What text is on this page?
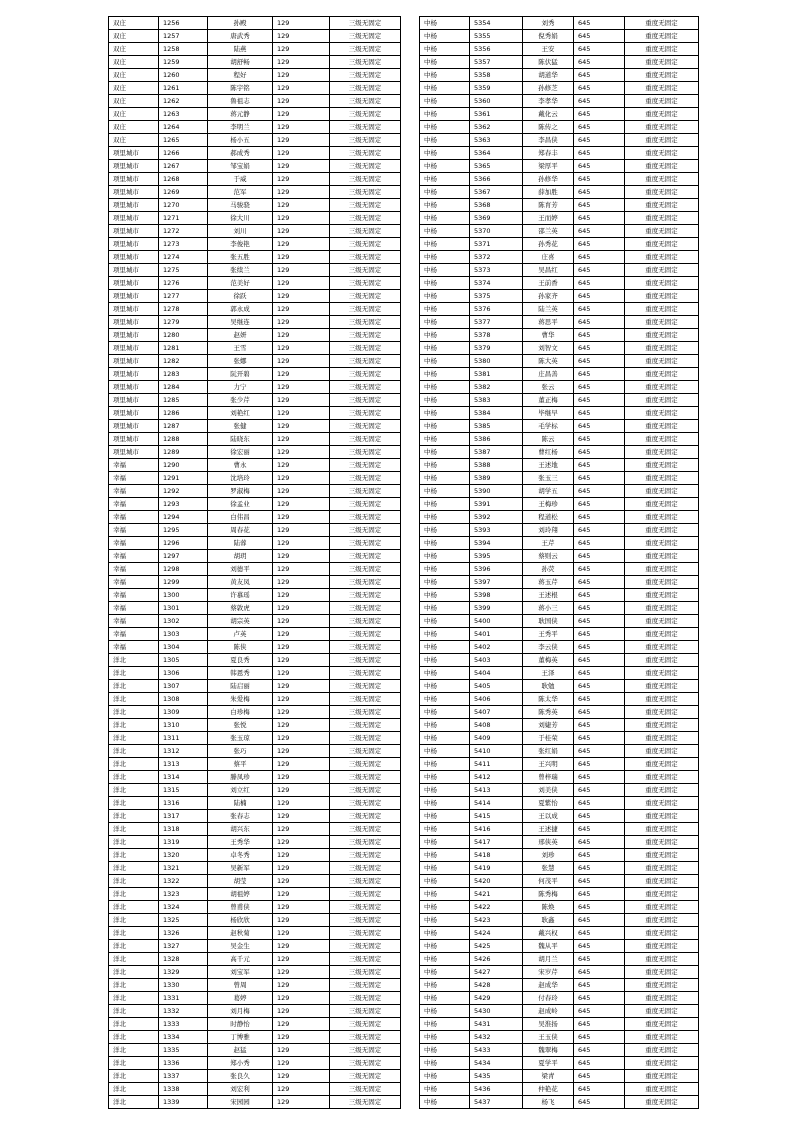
双庄	1256	孙殿	129	三级无固定
双庄	1257	唐武秀	129	三级无固定
双庄	1258	陆燕	129	三级无固定
双庄	1259	胡舒畅	129	三级无固定
双庄	1260	程好	129	三级无固定
双庄	1261	陈宇铭	129	三级无固定
双庄	1262	鲁祖志	129	三级无固定
双庄	1263	蒋元静	129	三级无固定
双庄	1264	李明兰	129	三级无固定
双庄	1265	杨小五	129	三级无固定
项里城市	1266	郝成秀	129	三级无固定
项里城市	1267	邹宝娟	129	三级无固定
项里城市	1268	于威	129	三级无固定
项里城市	1269	范军	129	三级无固定
项里城市	1270	马骏骁	129	三级无固定
项里城市	1271	徐大川	129	三级无固定
项里城市	1272	刘川	129	三级无固定
项里城市	1273	李俊艳	129	三级无固定
项里城市	1274	张五胜	129	三级无固定
项里城市	1275	张续兰	129	三级无固定
项里城市	1276	范美好	129	三级无固定
项里城市	1277	徐跃	129	三级无固定
项里城市	1278	郭永成	129	三级无固定
项里城市	1279	吴继连	129	三级无固定
项里城市	1280	赵妍	129	三级无固定
项里城市	1281	王雪	129	三级无固定
项里城市	1282	张娜	129	三级无固定
项里城市	1283	阮开碧	129	三级无固定
项里城市	1284	力宁	129	三级无固定
项里城市	1285	张少芹	129	三级无固定
项里城市	1286	刘艳红	129	三级无固定
项里城市	1287	张健	129	三级无固定
项里城市	1288	陆晓东	129	三级无固定
项里城市	1289	徐宏丽	129	三级无固定
幸福	1290	曹永	129	三级无固定
幸福	1291	沈培玲	129	三级无固定
幸福	1292	罗淑梅	129	三级无固定
幸福	1293	徐孟业	129	三级无固定
幸福	1294	白伟昌	129	三级无固定
幸福	1295	周春花	129	三级无固定
幸福	1296	陆蓉	129	三级无固定
幸福	1297	胡玥	129	三级无固定
幸福	1298	刘德平	129	三级无固定
幸福	1299	黄友凤	129	三级无固定
幸福	1300	许慕瑶	129	三级无固定
幸福	1301	蔡敦虎	129	三级无固定
幸福	1302	胡宗英	129	三级无固定
幸福	1303	卢英	129	三级无固定
幸福	1304	陈侠	129	三级无固定
洋北	1305	夏良秀	129	三级无固定
洋北	1306	韩恩秀	129	三级无固定
洋北	1307	陆启丽	129	三级无固定
洋北	1308	朱爱梅	129	三级无固定
洋北	1309	白珍梅	129	三级无固定
洋北	1310	张悦	129	三级无固定
洋北	1311	张玉琼	129	三级无固定
洋北	1312	张巧	129	三级无固定
洋北	1313	蔡平	129	三级无固定
洋北	1314	滕凤珍	129	三级无固定
洋北	1315	刘立红	129	三级无固定
洋北	1316	陆楠	129	三级无固定
洋北	1317	张春志	129	三级无固定
洋北	1318	胡兴东	129	三级无固定
洋北	1319	王秀华	129	三级无固定
洋北	1320	卓冬秀	129	三级无固定
洋北	1321	吴新军	129	三级无固定
洋北	1322	胡莹	129	三级无固定
洋北	1323	胡祖婷	129	三级无固定
洋北	1324	曾甫侠	129	三级无固定
洋北	1325	杨欣欣	129	三级无固定
洋北	1326	赵秋菊	129	三级无固定
洋北	1327	吴金生	129	三级无固定
洋北	1328	高千元	129	三级无固定
洋北	1329	刘宝军	129	三级无固定
洋北	1330	曾周	129	三级无固定
洋北	1331	葛婷	129	三级无固定
洋北	1332	刘月梅	129	三级无固定
洋北	1333	时静怡	129	三级无固定
洋北	1334	丁博雅	129	三级无固定
洋北	1335	赵猛	129	三级无固定
洋北	1336	郑小秀	129	三级无固定
洋北	1337	张良久	129	三级无固定
洋北	1338	刘宏利	129	三级无固定
洋北	1339	宋园园	129	三级无固定
中杨	5354	刘秀	645	重度无固定
中杨	5355	倪秀娟	645	重度无固定
中杨	5356	王安	645	重度无固定
中杨	5357	陈伏猛	645	重度无固定
中杨	5358	胡道华	645	重度无固定
中杨	5359	孙修芝	645	重度无固定
中杨	5360	李孝华	645	重度无固定
中杨	5361	戴化云	645	重度无固定
中杨	5362	陈传之	645	重度无固定
中杨	5363	李昌侠	645	重度无固定
中杨	5364	郑春丰	645	重度无固定
中杨	5365	梁厚平	645	重度无固定
中杨	5366	孙修华	645	重度无固定
中杨	5367	薛加胜	645	重度无固定
中杨	5368	陈育芳	645	重度无固定
中杨	5369	王而婷	645	重度无固定
中杨	5370	邵兰英	645	重度无固定
中杨	5371	孙秀花	645	重度无固定
中杨	5372	庄喜	645	重度无固定
中杨	5373	吴昌红	645	重度无固定
中杨	5374	王前香	645	重度无固定
中杨	5375	孙家齐	645	重度无固定
中杨	5376	陆兰英	645	重度无固定
中杨	5377	蒋思平	645	重度无固定
中杨	5378	曹华	645	重度无固定
中杨	5379	刘智文	645	重度无固定
中杨	5380	陈大英	645	重度无固定
中杨	5381	庄昌善	645	重度无固定
中杨	5382	张云	645	重度无固定
中杨	5383	董正梅	645	重度无固定
中杨	5384	毕继早	645	重度无固定
中杨	5385	毛学标	645	重度无固定
中杨	5386	陈云	645	重度无固定
中杨	5387	曹红杨	645	重度无固定
中杨	5388	王述地	645	重度无固定
中杨	5389	张玉三	645	重度无固定
中杨	5390	胡学五	645	重度无固定
中杨	5391	王梅珍	645	重度无固定
中杨	5392	程道松	645	重度无固定
中杨	5393	刘玲翔	645	重度无固定
中杨	5394	王芹	645	重度无固定
中杨	5395	蔡则云	645	重度无固定
中杨	5396	孙荧	645	重度无固定
中杨	5397	蒋玉芹	645	重度无固定
中杨	5398	王述根	645	重度无固定
中杨	5399	蒋小三	645	重度无固定
中杨	5400	耿国侠	645	重度无固定
中杨	5401	王秀平	645	重度无固定
中杨	5402	李云侠	645	重度无固定
中杨	5403	董梅英	645	重度无固定
中杨	5404	王泽	645	重度无固定
中杨	5405	耿勉	645	重度无固定
中杨	5406	陈太华	645	重度无固定
中杨	5407	陈秀英	645	重度无固定
中杨	5408	刘婕芳	645	重度无固定
中杨	5409	于桂荣	645	重度无固定
中杨	5410	张红娟	645	重度无固定
中杨	5411	王兴明	645	重度无固定
中杨	5412	曾梓瑞	645	重度无固定
中杨	5413	刘美侠	645	重度无固定
中杨	5414	夏紫怡	645	重度无固定
中杨	5415	王以成	645	重度无固定
中杨	5416	王述捷	645	重度无固定
中杨	5417	邢侠英	645	重度无固定
中杨	5418	刘珍	645	重度无固定
中杨	5419	张慧	645	重度无固定
中杨	5420	何茂平	645	重度无固定
中杨	5421	陈秀梅	645	重度无固定
中杨	5422	陈焕	645	重度无固定
中杨	5423	耿鑫	645	重度无固定
中杨	5424	戴兴权	645	重度无固定
中杨	5425	魏从平	645	重度无固定
中杨	5426	胡月兰	645	重度无固定
中杨	5427	宋岁芹	645	重度无固定
中杨	5428	赵成华	645	重度无固定
中杨	5429	付春玲	645	重度无固定
中杨	5430	赵成岭	645	重度无固定
中杨	5431	吴淮扬	645	重度无固定
中杨	5432	王玉侠	645	重度无固定
中杨	5433	魏翠梅	645	重度无固定
中杨	5434	夏学平	645	重度无固定
中杨	5435	梁青	645	重度无固定
中杨	5436	仲艳花	645	重度无固定
中杨	5437	杨飞	645	重度无固定
